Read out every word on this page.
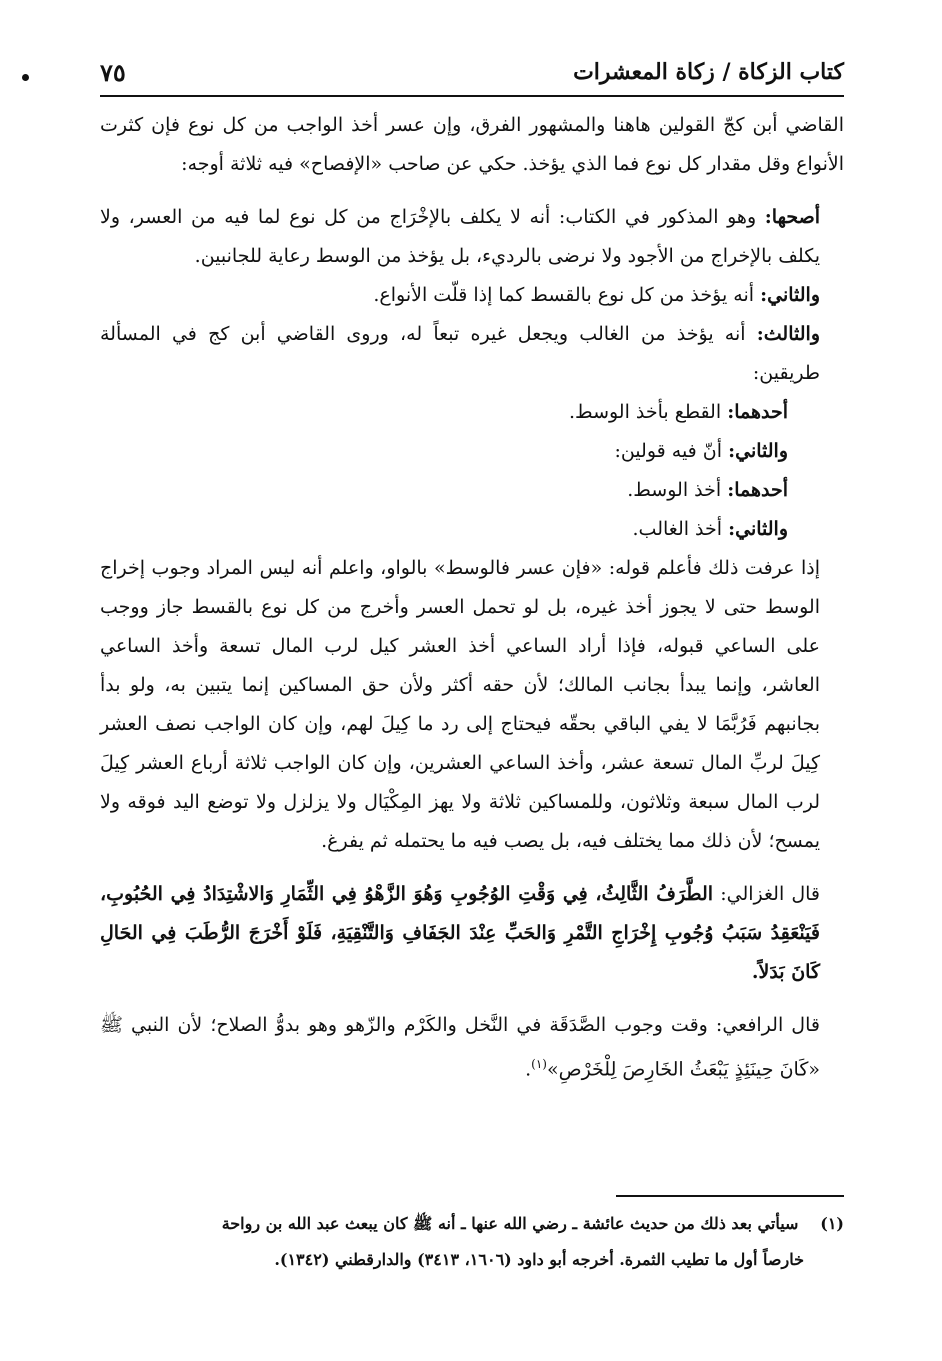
كتاب الزكاة / زكاة المعشرات
٧٥

القاضي أبن كجّ القولين هاهنا والمشهور الفرق، وإن عسر أخذ الواجب من كل نوع فإن كثرت الأنواع وقل مقدار كل نوع فما الذي يؤخذ. حكي عن صاحب «الإفصاح» فيه ثلاثة أوجه:

أصحها: وهو المذكور في الكتاب: أنه لا يكلف بالإخْرَاج من كل نوع لما فيه من العسر، ولا يكلف بالإخراج من الأجود ولا نرضى بالرديء، بل يؤخذ من الوسط رعاية للجانبين.

والثاني: أنه يؤخذ من كل نوع بالقسط كما إذا قلّت الأنواع.

والثالث: أنه يؤخذ من الغالب ويجعل غيره تبعاً له، وروى القاضي أبن كج في المسألة طريقين:

أحدهما: القطع بأخذ الوسط.

والثاني: أنّ فيه قولين:

أحدهما: أخذ الوسط.

والثاني: أخذ الغالب.

إذا عرفت ذلك فأعلم قوله: «فإن عسر فالوسط» بالواو، واعلم أنه ليس المراد وجوب إخراج الوسط حتى لا يجوز أخذ غيره، بل لو تحمل العسر وأخرج من كل نوع بالقسط جاز ووجب على الساعي قبوله، فإذا أراد الساعي أخذ العشر كيل لرب المال تسعة وأخذ الساعي العاشر، وإنما يبدأ بجانب المالك؛ لأن حقه أكثر ولأن حق المساكين إنما يتبين به، ولو بدأ بجانبهم فَرُبَّمَا لا يفي الباقي بحقّه فيحتاج إلى رد ما كِيلَ لهم، وإن كان الواجب نصف العشر كِيلَ لربِّ المال تسعة عشر، وأخذ الساعي العشرين، وإن كان الواجب ثلاثة أرباع العشر كِيلَ لرب المال سبعة وثلاثون، وللمساكين ثلاثة ولا يهز المِكْيَال ولا يزلزل ولا توضع اليد فوقه ولا يمسح؛ لأن ذلك مما يختلف فيه، بل يصب فيه ما يحتمله ثم يفرغ.

قال الغزالي: الطَّرَفُ الثَّالِثُ، فِي وَقْتِ الوُجُوبِ وَهُوَ الزَّهْوُ فِي الثِّمَارِ وَالاشْتِدَادُ فِي الحُبُوبِ، فَيَنْعَقِدُ سَبَبُ وُجُوبِ إِخْرَاجِ التَّمْرِ وَالحَبِّ عِنْدَ الجَفَافِ وَالتَّنْقِيَةِ، فَلَوْ أَخْرَجَ الرُّطَبَ فِي الحَالِ كَانَ بَدَلاً.

قال الرافعي: وقت وجوب الصَّدَقَة في النَّخل والكَرْم والزّهو وهو بدوُّ الصلاح؛ لأن النبي ﷺ «كَانَ حِينَئِذٍ يَبْعَثُ الخَارِصَ لِلْخَرْصِ»$^{(١)}$.

(١) سيأتي بعد ذلك من حديث عائشة ـ رضي الله عنها ـ أنه ﷺ كان يبعث عبد الله بن رواحة
خارصاً أول ما تطيب الثمرة. أخرجه أبو داود (١٦٠٦، ٣٤١٣) والدارقطني (١٣٤٢).
